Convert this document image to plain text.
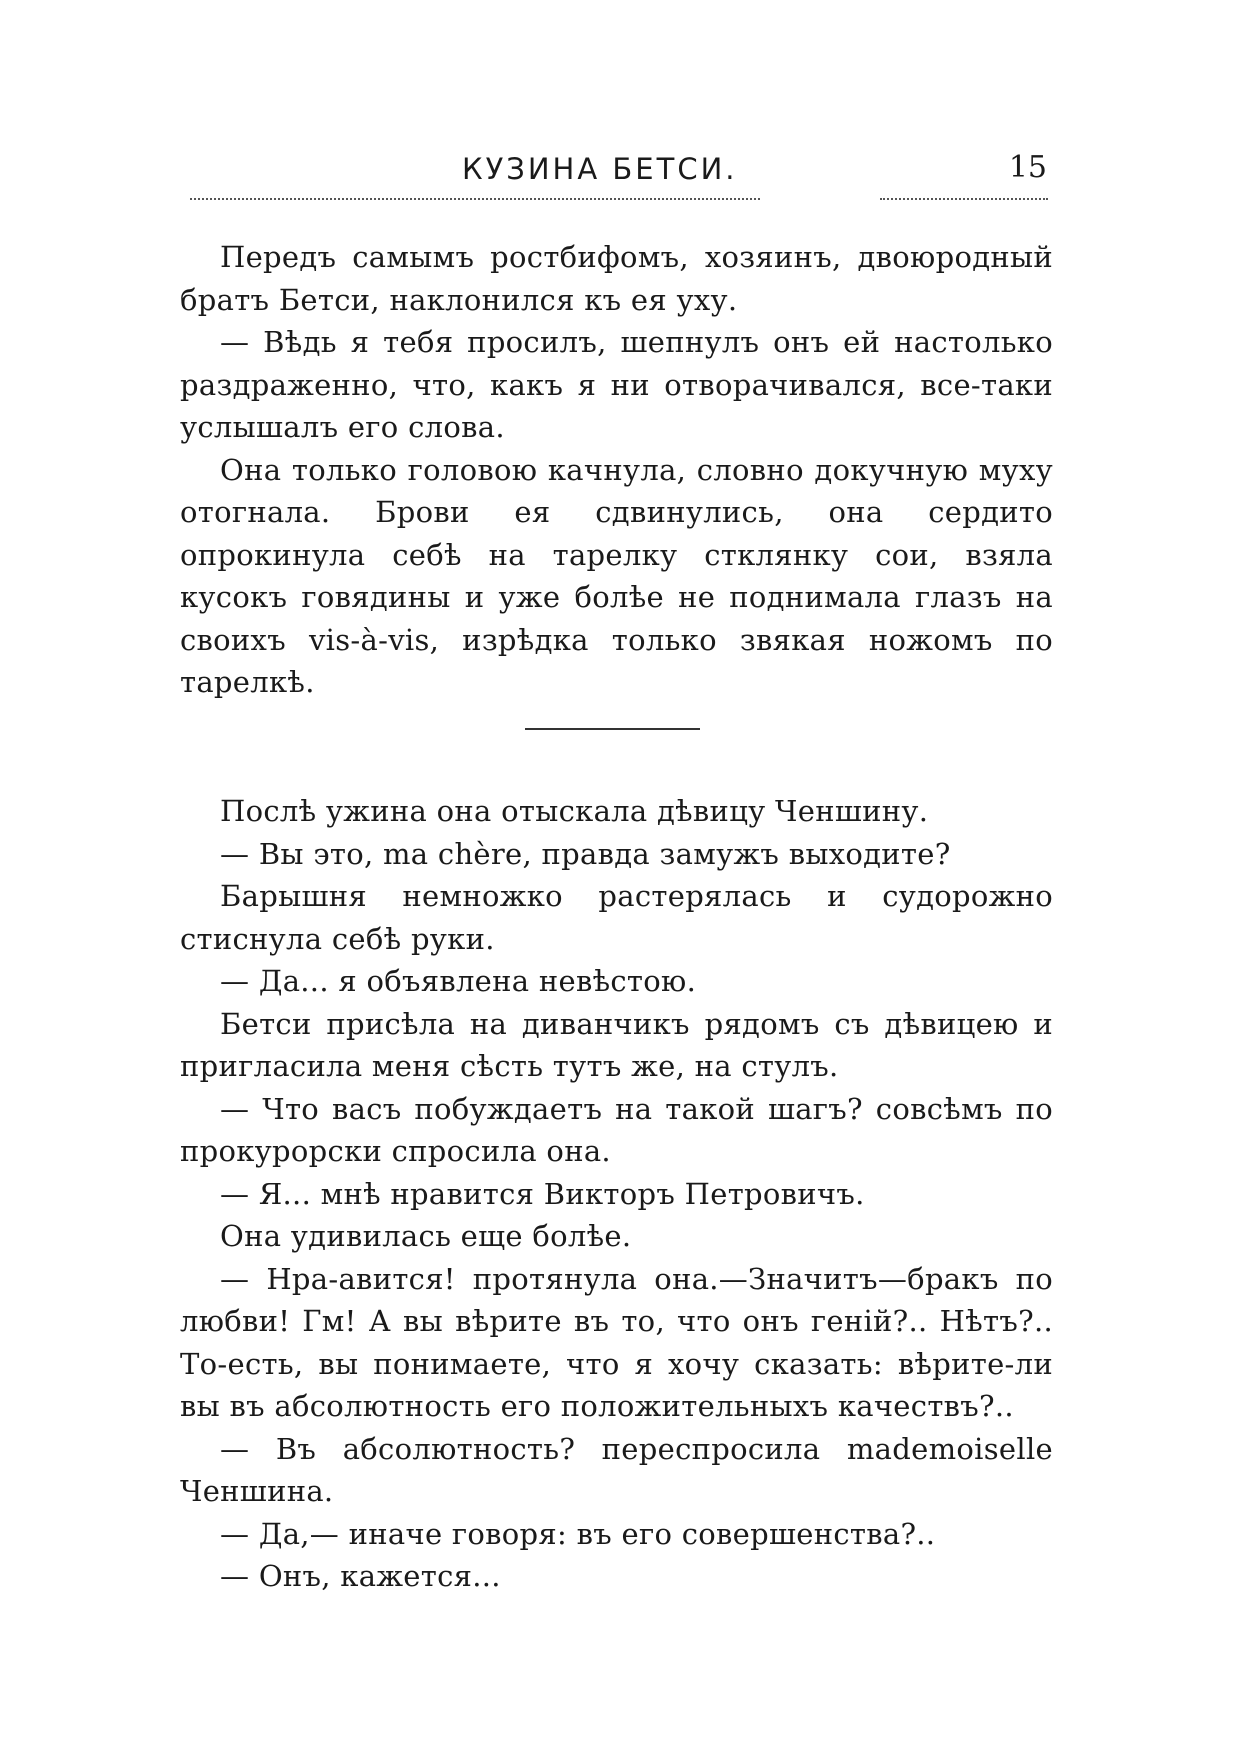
КУЗИНА БЕТСИ.	15

Передъ самымъ ростбифомъ, хозяинъ, двоюродный братъ Бетси, наклонился къ ея уху.

— Вѣдь я тебя просилъ, шепнулъ онъ ей настолько раздраженно, что, какъ я ни отворачивался, все-таки услышалъ его слова.

Она только головою качнула, словно докучную муху отогнала. Брови ея сдвинулись, она сердито опрокинула себѣ на тарелку стклянку сои, взяла кусокъ говядины и уже болѣе не поднимала глазъ на своихъ vis-à-vis, изрѣдка только звякая ножомъ по тарелкѣ.

Послѣ ужина она отыскала дѣвицу Ченшину.

— Вы это, ma chère, правда замужъ выходите?

Барышня немножко растерялась и судорожно стиснула себѣ руки.

— Да... я объявлена невѣстою.

Бетси присѣла на диванчикъ рядомъ съ дѣвицею и пригласила меня сѣсть тутъ же, на стулъ.

— Что васъ побуждаетъ на такой шагъ? совсѣмъ по прокурорски спросила она.

— Я... мнѣ нравится Викторъ Петровичъ.

Она удивилась еще болѣе.

— Нра-авится! протянула она.—Значитъ—бракъ по любви! Гм! А вы вѣрите въ то, что онъ геній?.. Нѣтъ?.. То-есть, вы понимаете, что я хочу сказать: вѣрите-ли вы въ абсолютность его положительныхъ качествъ?..

— Въ абсолютность? переспросила mademoiselle Ченшина.

— Да,— иначе говоря: въ его совершенства?..

— Онъ, кажется...
